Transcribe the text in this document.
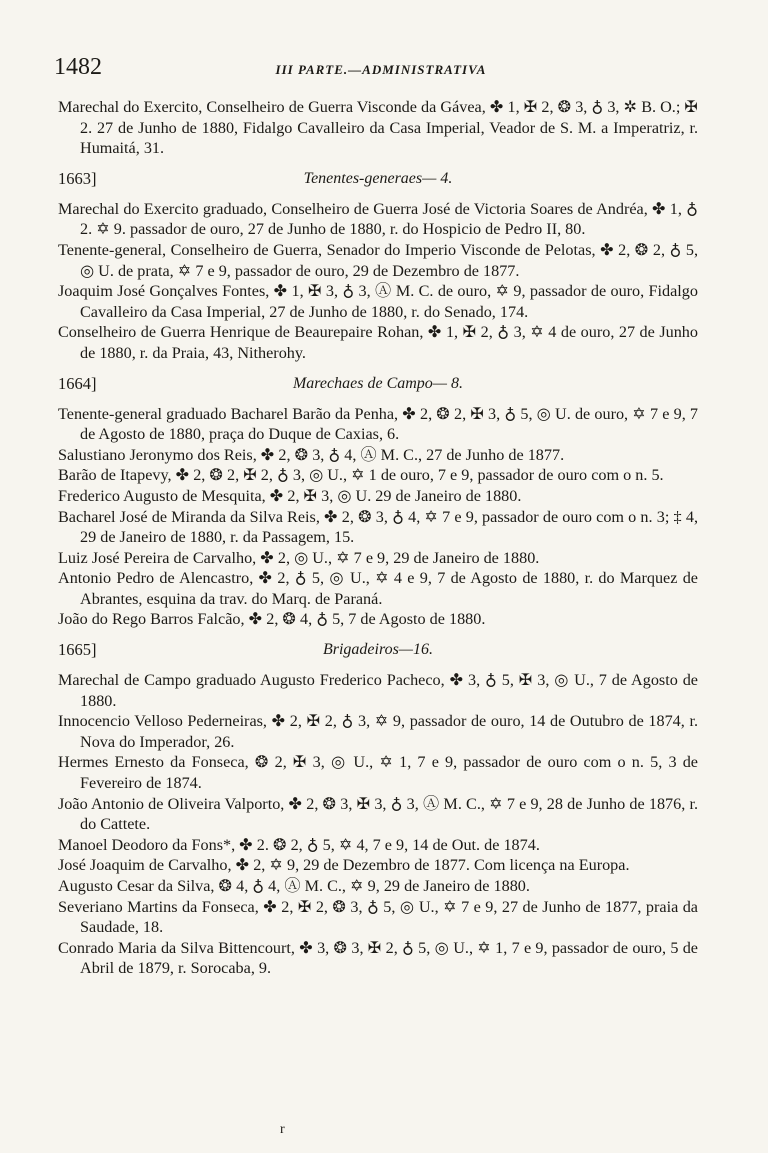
1482	III PARTE.—ADMINISTRATIVA

Marechal do Exercito, Conselheiro de Guerra Visconde da Gávea, ✤ 1, ✠ 2, ❂ 3, ♁ 3, ✲ B. O.; ✠ 2. 27 de Junho de 1880, Fidalgo Cavalleiro da Casa Imperial, Veador de S. M. a Imperatriz, r. Humaitá, 31.

1663]	Tenentes-generaes— 4.

Marechal do Exercito graduado, Conselheiro de Guerra José de Victoria Soares de Andréa, ✤ 1, ♁ 2. ✡ 9. passador de ouro, 27 de Junho de 1880, r. do Hospicio de Pedro II, 80.

Tenente-general, Conselheiro de Guerra, Senador do Imperio Visconde de Pelotas, ✤ 2, ❂ 2, ♁ 5, ◎ U. de prata, ✡ 7 e 9, passador de ouro, 29 de Dezembro de 1877.

Joaquim José Gonçalves Fontes, ✤ 1, ✠ 3, ♁ 3, Ⓐ M. C. de ouro, ✡ 9, passador de ouro, Fidalgo Cavalleiro da Casa Imperial, 27 de Junho de 1880, r. do Senado, 174.

Conselheiro de Guerra Henrique de Beaurepaire Rohan, ✤ 1, ✠ 2, ♁ 3, ✡ 4 de ouro, 27 de Junho de 1880, r. da Praia, 43, Nitherohy.

1664]	Marechaes de Campo— 8.

Tenente-general graduado Bacharel Barão da Penha, ✤ 2, ❂ 2, ✠ 3, ♁ 5, ◎ U. de ouro, ✡ 7 e 9, 7 de Agosto de 1880, praça do Duque de Caxias, 6.

Salustiano Jeronymo dos Reis, ✤ 2, ❂ 3, ♁ 4, Ⓐ M. C., 27 de Junho de 1877.

Barão de Itapevy, ✤ 2, ❂ 2, ✠ 2, ♁ 3, ◎ U., ✡ 1 de ouro, 7 e 9, passador de ouro com o n. 5.

Frederico Augusto de Mesquita, ✤ 2, ✠ 3, ◎ U. 29 de Janeiro de 1880.

Bacharel José de Miranda da Silva Reis, ✤ 2, ❂ 3, ♁ 4, ✡ 7 e 9, passador de ouro com o n. 3; ‡ 4, 29 de Janeiro de 1880, r. da Passagem, 15.

Luiz José Pereira de Carvalho, ✤ 2, ◎ U., ✡ 7 e 9, 29 de Janeiro de 1880.

Antonio Pedro de Alencastro, ✤ 2, ♁ 5, ◎ U., ✡ 4 e 9, 7 de Agosto de 1880, r. do Marquez de Abrantes, esquina da trav. do Marq. de Paraná.

João do Rego Barros Falcão, ✤ 2, ❂ 4, ♁ 5, 7 de Agosto de 1880.

1665]	Brigadeiros—16.

Marechal de Campo graduado Augusto Frederico Pacheco, ✤ 3, ♁ 5, ✠ 3, ◎ U., 7 de Agosto de 1880.

Innocencio Velloso Pederneiras, ✤ 2, ✠ 2, ♁ 3, ✡ 9, passador de ouro, 14 de Outubro de 1874, r. Nova do Imperador, 26.

Hermes Ernesto da Fonseca, ❂ 2, ✠ 3, ◎ U., ✡ 1, 7 e 9, passador de ouro com o n. 5, 3 de Fevereiro de 1874.

João Antonio de Oliveira Valporto, ✤ 2, ❂ 3, ✠ 3, ♁ 3, Ⓐ M. C., ✡ 7 e 9, 28 de Junho de 1876, r. do Cattete.

Manoel Deodoro da Fons*, ✤ 2. ❂ 2, ♁ 5, ✡ 4, 7 e 9, 14 de Out. de 1874.

José Joaquim de Carvalho, ✤ 2, ✡ 9, 29 de Dezembro de 1877. Com licença na Europa.

Augusto Cesar da Silva, ❂ 4, ♁ 4, Ⓐ M. C., ✡ 9, 29 de Janeiro de 1880.

Severiano Martins da Fonseca, ✤ 2, ✠ 2, ❂ 3, ♁ 5, ◎ U., ✡ 7 e 9, 27 de Junho de 1877, praia da Saudade, 18.

Conrado Maria da Silva Bittencourt, ✤ 3, ❂ 3, ✠ 2, ♁ 5, ◎ U., ✡ 1, 7 e 9, passador de ouro, 5 de Abril de 1879, r. Sorocaba, 9.

r
